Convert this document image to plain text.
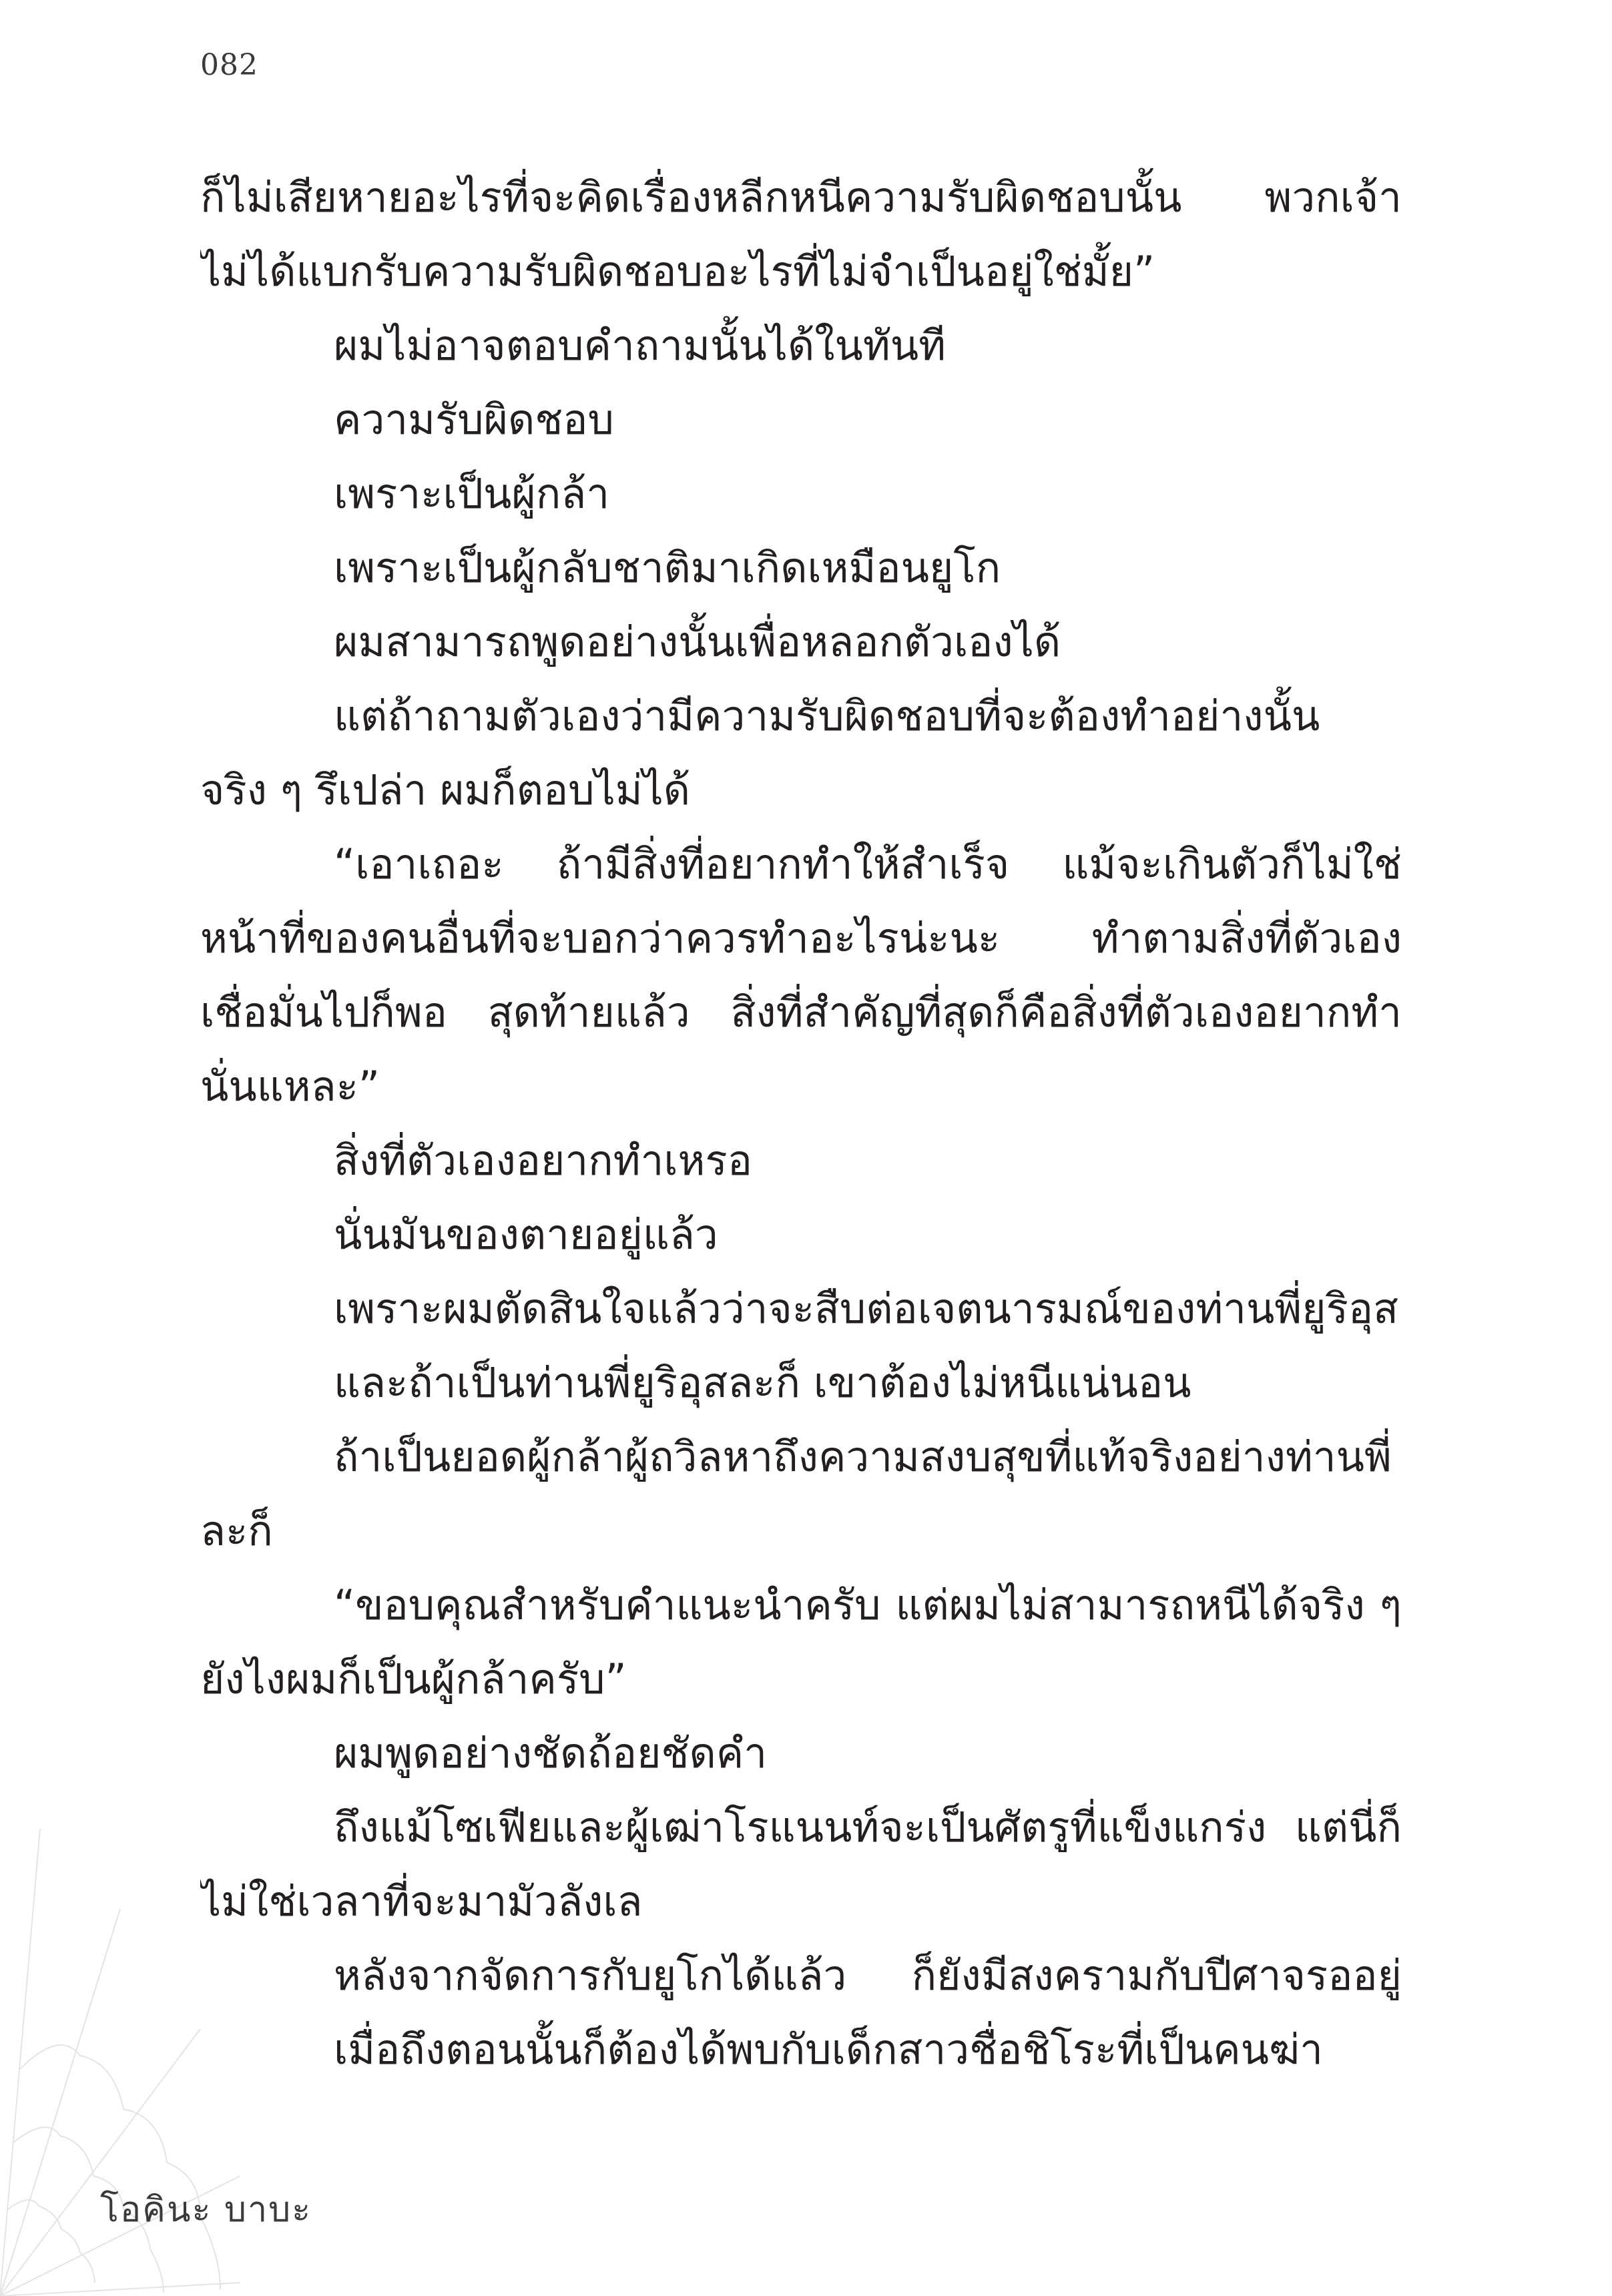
082
ก็ไม่เสียหายอะไรที่จะคิดเรื่องหลีกหนีความรับผิดชอบนั้น พวกเจ้า
ไม่ได้แบกรับความรับผิดชอบอะไรที่ไม่จำเป็นอยู่ใช่มั้ย”
ผมไม่อาจตอบคำถามนั้นได้ในทันที
ความรับผิดชอบ
เพราะเป็นผู้กล้า
เพราะเป็นผู้กลับชาติมาเกิดเหมือนยูโก
ผมสามารถพูดอย่างนั้นเพื่อหลอกตัวเองได้
แต่ถ้าถามตัวเองว่ามีความรับผิดชอบที่จะต้องทำอย่างนั้น
จริง ๆ รึเปล่า ผมก็ตอบไม่ได้
“เอาเถอะ ถ้ามีสิ่งที่อยากทำให้สำเร็จ แม้จะเกินตัวก็ไม่ใช่
หน้าที่ของคนอื่นที่จะบอกว่าควรทำอะไรน่ะนะ ทำตามสิ่งที่ตัวเอง
เชื่อมั่นไปก็พอ สุดท้ายแล้ว สิ่งที่สำคัญที่สุดก็คือสิ่งที่ตัวเองอยากทำ
นั่นแหละ”
สิ่งที่ตัวเองอยากทำเหรอ
นั่นมันของตายอยู่แล้ว
เพราะผมตัดสินใจแล้วว่าจะสืบต่อเจตนารมณ์ของท่านพี่ยูริอุส
และถ้าเป็นท่านพี่ยูริอุสละก็ เขาต้องไม่หนีแน่นอน
ถ้าเป็นยอดผู้กล้าผู้ถวิลหาถึงความสงบสุขที่แท้จริงอย่างท่านพี่
ละก็
“ขอบคุณสำหรับคำแนะนำครับ แต่ผมไม่สามารถหนีได้จริง ๆ
ยังไงผมก็เป็นผู้กล้าครับ”
ผมพูดอย่างชัดถ้อยชัดคำ
ถึงแม้โซเฟียและผู้เฒ่าโรแนนท์จะเป็นศัตรูที่แข็งแกร่ง แต่นี่ก็
ไม่ใช่เวลาที่จะมามัวลังเล
หลังจากจัดการกับยูโกได้แล้ว ก็ยังมีสงครามกับปีศาจรออยู่
เมื่อถึงตอนนั้นก็ต้องได้พบกับเด็กสาวชื่อชิโระที่เป็นคนฆ่า
โอคินะ บาบะ
